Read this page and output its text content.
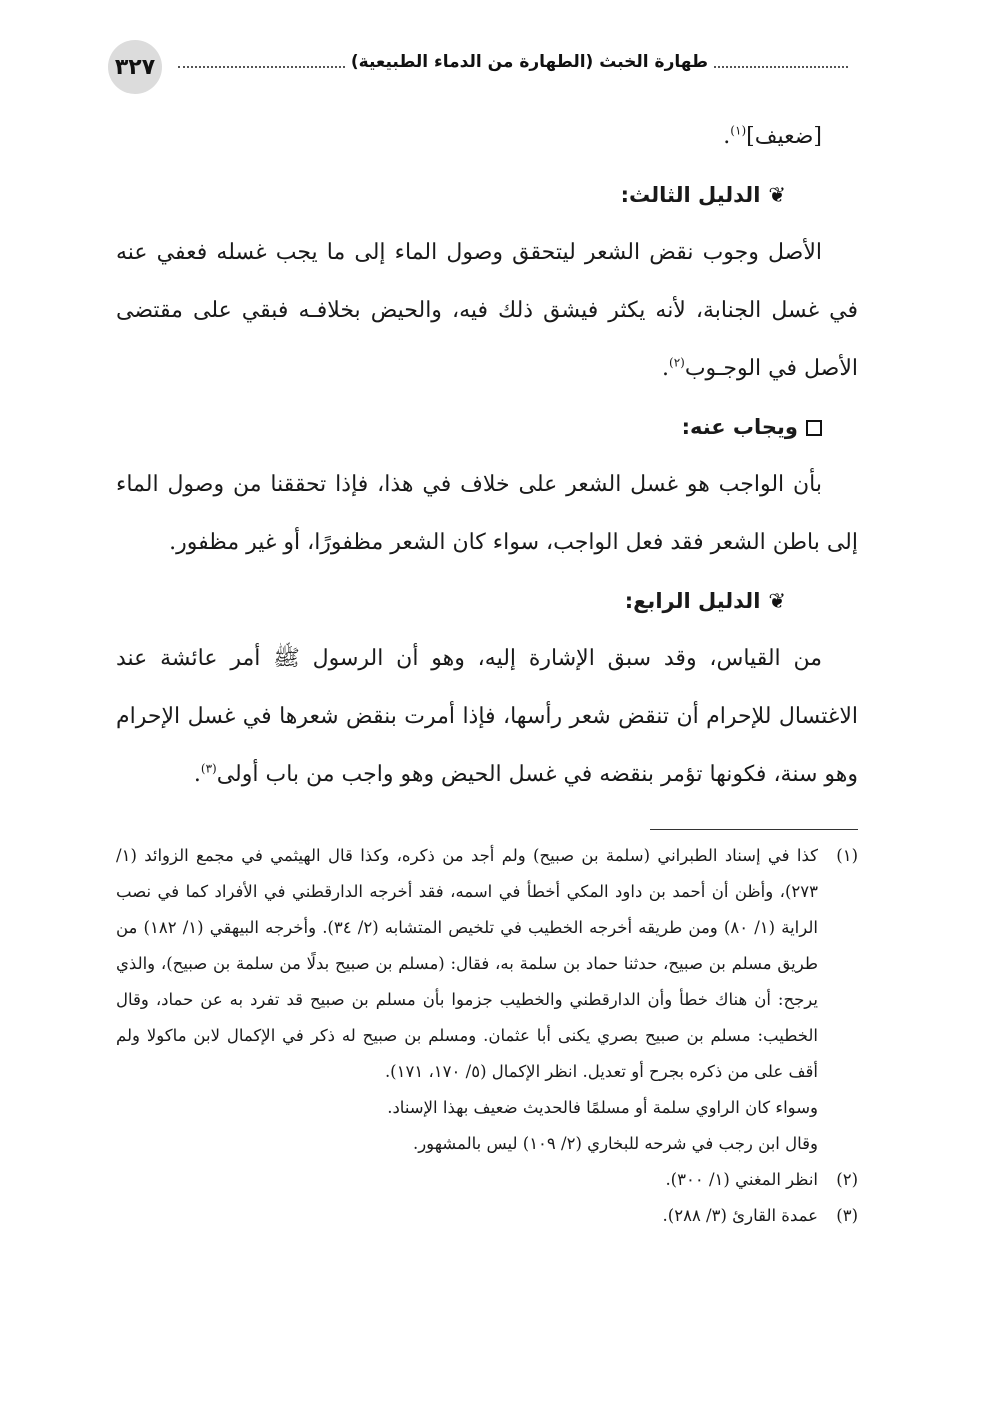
٣٢٧	طهارة الخبث (الطهارة من الدماء الطبيعية)

[ضعيف]$^{(١)}$.

❦الدليل الثالث:

الأصل وجوب نقض الشعر ليتحقق وصول الماء إلى ما يجب غسله فعفي عنه في غسل الجنابة، لأنه يكثر فيشق ذلك فيه، والحيض بخلافـه فبقي على مقتضى الأصل في الوجـوب$^{(٢)}$.

ويجاب عنه:

بأن الواجب هو غسل الشعر على خلاف في هذا، فإذا تحققنا من وصول الماء إلى باطن الشعر فقد فعل الواجب، سواء كان الشعر مظفورًا، أو غير مظفور.

❦الدليل الرابع:

من القياس، وقد سبق الإشارة إليه، وهو أن الرسول ﷺ أمر عائشة عند الاغتسال للإحرام أن تنقض شعر رأسها، فإذا أمرت بنقض شعرها في غسل الإحرام وهو سنة، فكونها تؤمر بنقضه في غسل الحيض وهو واجب من باب أولى$^{(٣)}$.

(١)
كذا في إسناد الطبراني (سلمة بن صبيح) ولم أجد من ذكره، وكذا قال الهيثمي في مجمع الزوائد (١/ ٢٧٣)، وأظن أن أحمد بن داود المكي أخطأ في اسمه، فقد أخرجه الدارقطني في الأفراد كما في نصب الراية (١/ ٨٠) ومن طريقه أخرجه الخطيب في تلخيص المتشابه (٢/ ٣٤). وأخرجه البيهقي (١/ ١٨٢) من طريق مسلم بن صبيح، حدثنا حماد بن سلمة به، فقال: (مسلم بن صبيح بدلًا من سلمة بن صبيح)، والذي يرجح: أن هناك خطأ وأن الدارقطني والخطيب جزموا بأن مسلم بن صبيح قد تفرد به عن حماد، وقال الخطيب: مسلم بن صبيح بصري يكنى أبا عثمان. ومسلم بن صبيح له ذكر في الإكمال لابن ماكولا ولم أقف على من ذكره بجرح أو تعديل. انظر الإكمال (٥/ ١٧٠، ١٧١).

وسواء كان الراوي سلمة أو مسلمًا فالحديث ضعيف بهذا الإسناد.

وقال ابن رجب في شرحه للبخاري (٢/ ١٠٩) ليس بالمشهور.

(٢)
انظر المغني (١/ ٣٠٠).
(٣)
عمدة القارئ (٣/ ٢٨٨).
